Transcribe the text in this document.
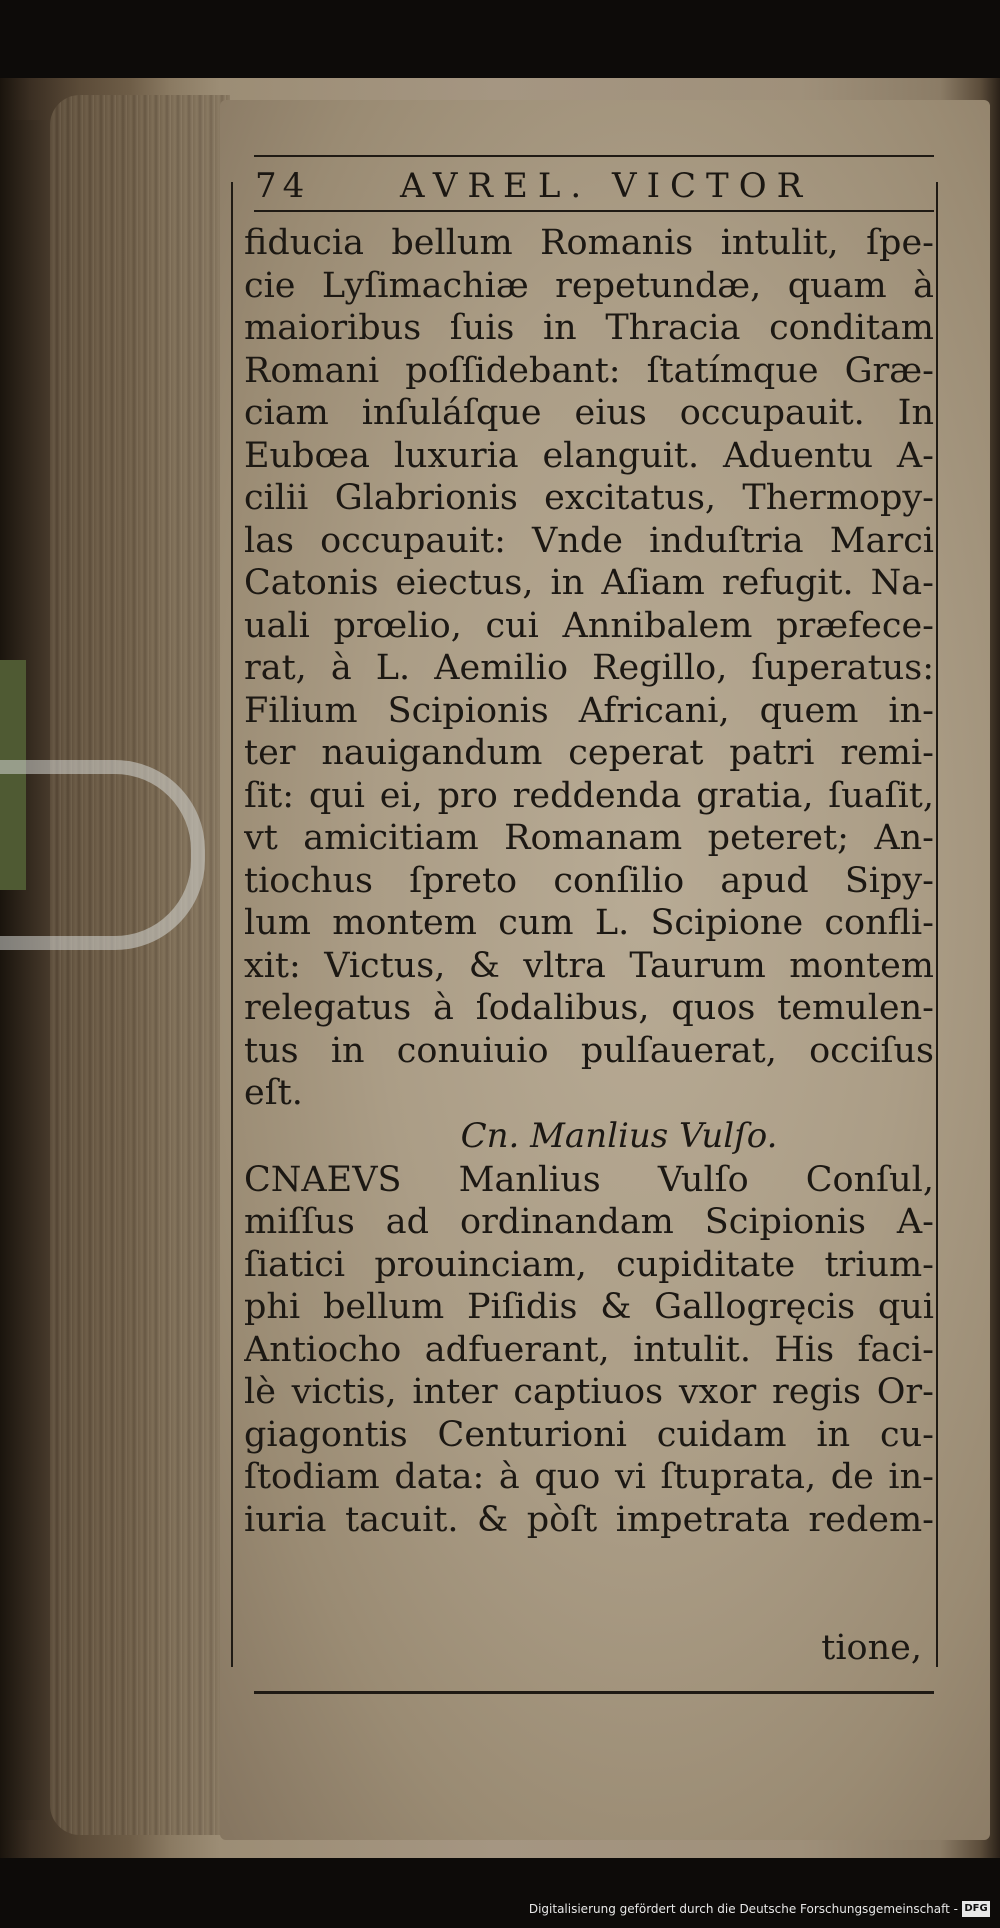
74	AVREL. VICTOR
fiducia bellum Romanis intulit, ſpe-
cie Lyſimachiæ repetundæ, quam à
maioribus ſuis in Thracia conditam
Romani poſſidebant: ſtatímque Græ-
ciam inſuláſque eius occupauit. In
Eubœa luxuria elanguit. Aduentu A-
cilii Glabrionis excitatus, Thermopy-
las occupauit: Vnde induſtria Marci
Catonis eiectus, in Aſiam refugit. Na-
uali prœlio, cui Annibalem præfece-
rat, à L. Aemilio Regillo, ſuperatus:
Filium Scipionis Africani, quem in-
ter nauigandum ceperat patri remi-
ſit: qui ei, pro reddenda gratia, ſuaſit,
vt amicitiam Romanam peteret; An-
tiochus ſpreto conſilio apud Sipy-
lum montem cum L. Scipione confli-
xit: Victus, & vltra Taurum montem
relegatus à ſodalibus, quos temulen-
tus in conuiuio pulſauerat, occiſus
eſt.
Cn. Manlius Vulſo.
CNAEVS Manlius Vulſo Conſul,
miſſus ad ordinandam Scipionis A-
ſiatici prouinciam, cupiditate trium-
phi bellum Piſidis & Gallogręcis qui
Antiocho adfuerant, intulit. His faci-
lè victis, inter captiuos vxor regis Or-
giagontis Centurioni cuidam in cu-
ſtodiam data: à quo vi ſtuprata, de in-
iuria tacuit. & pòſt impetrata redem-
tione,
Digitalisierung gefördert durch die Deutsche Forschungsgemeinschaft - DFG
